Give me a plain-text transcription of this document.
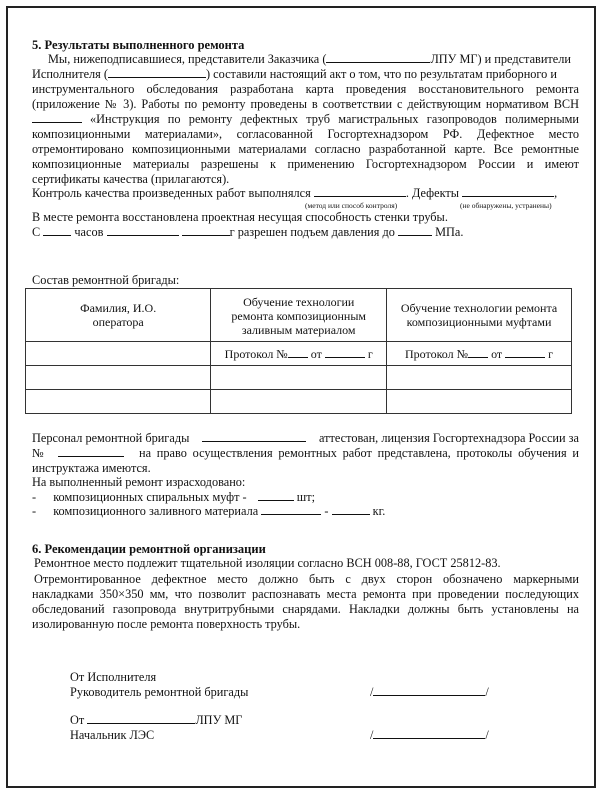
5. Результаты выполненного ремонта
Мы, нижеподписавшиеся, представители Заказчика (	ЛПУ МГ) и представители
Исполнителя (	) составили настоящий акт о том, что по результатам приборного и
инструментального обследования разработана карта проведения восстановительного ремонта
(приложение № 3). Работы по ремонту проведены в соответствии с действующим нормативом ВСН
«Инструкция по ремонту дефектных труб магистральных газопроводов полимерными
композиционными материалами», согласованной Госгортехнадзором РФ. Дефектное место
отремонтировано композиционными материалами согласно разработанной карте. Все ремонтные
композиционные материалы разрешены к применению Госгортехнадзором России и имеют
сертификаты качества (прилагаются).
Контроль качества произведенных работ выполнялся	. Дефекты	,
(метод или способ контроля)	(не обнаружены, устранены)
В месте ремонта восстановлена проектная несущая способность стенки трубы.
С	часов	г разрешен подъем давления до	МПа.
Состав ремонтной бригады:
Фамилия, И.О. оператора	Обучение технологии ремонта композиционным заливным материалом	Обучение технологии ремонта композиционными муфтами

	Протокол № от г	Протокол № от г

Персонал ремонтной бригады	аттестован, лицензия Госгортехнадзора России за
№	на право осуществления ремонтных работ представлена, протоколы обучения и
инструктажа имеются.
На выполненный ремонт израсходовано:
- композиционных спиральных муфт -	шт;
- композиционного заливного материала	-	кг.
6. Рекомендации ремонтной организации
Ремонтное место подлежит тщательной изоляции согласно ВСН 008-88, ГОСТ 25812-83.
Отремонтированное дефектное место должно быть с двух сторон обозначено маркерными
накладками 350×350 мм, что позволит распознавать места ремонта при проведении последующих
обследований газопровода внутритрубными снарядами. Накладки должны быть установлены на
изолированную после ремонта поверхность трубы.
От Исполнителя
Руководитель ремонтной бригады	/	/
От	ЛПУ МГ
Начальник ЛЭС	/	/
